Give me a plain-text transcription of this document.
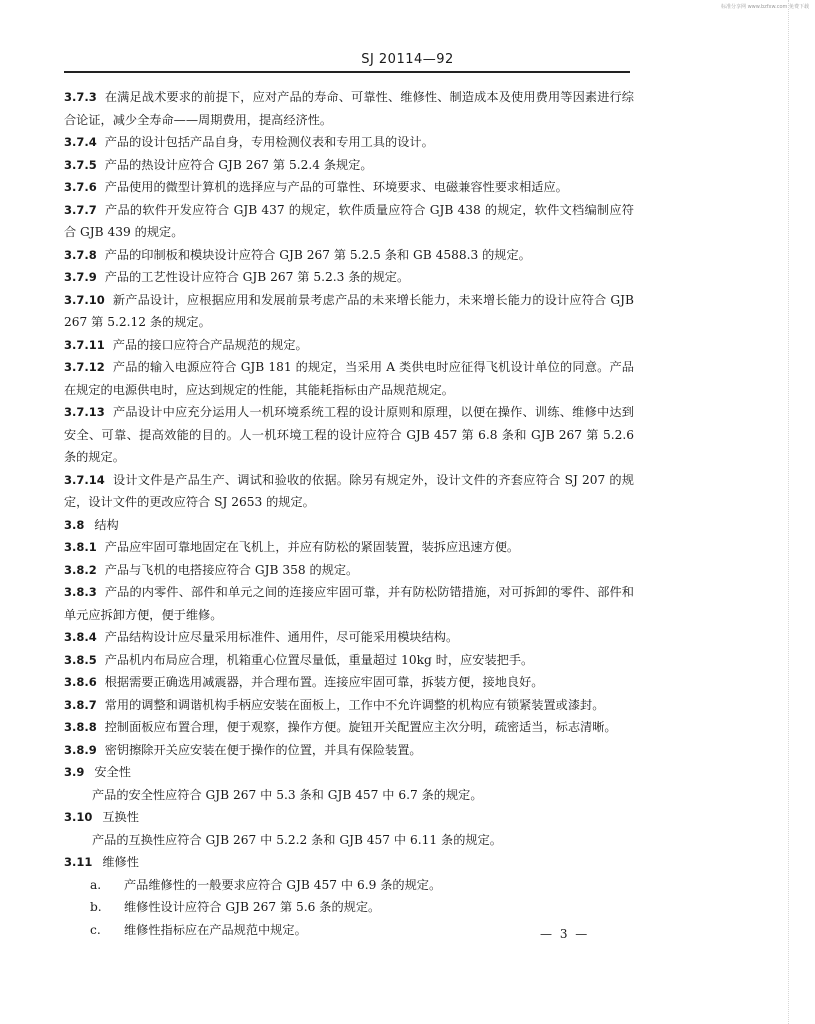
标准分享网 www.bzfxw.com 免费下载
SJ 20114—92

3.7.3 在满足战术要求的前提下，应对产品的寿命、可靠性、维修性、制造成本及使用费用等因素进行综合论证，减少全寿命——周期费用，提高经济性。

3.7.4 产品的设计包括产品自身，专用检测仪表和专用工具的设计。

3.7.5 产品的热设计应符合 GJB 267 第 5.2.4 条规定。

3.7.6 产品使用的微型计算机的选择应与产品的可靠性、环境要求、电磁兼容性要求相适应。

3.7.7 产品的软件开发应符合 GJB 437 的规定，软件质量应符合 GJB 438 的规定，软件文档编制应符合 GJB 439 的规定。

3.7.8 产品的印制板和模块设计应符合 GJB 267 第 5.2.5 条和 GB 4588.3 的规定。

3.7.9 产品的工艺性设计应符合 GJB 267 第 5.2.3 条的规定。

3.7.10 新产品设计，应根据应用和发展前景考虑产品的未来增长能力，未来增长能力的设计应符合 GJB 267 第 5.2.12 条的规定。

3.7.11 产品的接口应符合产品规范的规定。

3.7.12 产品的输入电源应符合 GJB 181 的规定，当采用 A 类供电时应征得飞机设计单位的同意。产品在规定的电源供电时，应达到规定的性能，其能耗指标由产品规范规定。

3.7.13 产品设计中应充分运用人一机环境系统工程的设计原则和原理，以便在操作、训练、维修中达到安全、可靠、提高效能的目的。人一机环境工程的设计应符合 GJB 457 第 6.8 条和 GJB 267 第 5.2.6 条的规定。

3.7.14 设计文件是产品生产、调试和验收的依据。除另有规定外，设计文件的齐套应符合 SJ 207 的规定，设计文件的更改应符合 SJ 2653 的规定。

3.8 结构

3.8.1 产品应牢固可靠地固定在飞机上，并应有防松的紧固装置，装拆应迅速方便。

3.8.2 产品与飞机的电搭接应符合 GJB 358 的规定。

3.8.3 产品的内零件、部件和单元之间的连接应牢固可靠，并有防松防错措施，对可拆卸的零件、部件和单元应拆卸方便，便于维修。

3.8.4 产品结构设计应尽量采用标准件、通用件，尽可能采用模块结构。

3.8.5 产品机内布局应合理，机箱重心位置尽量低，重量超过 10kg 时，应安装把手。

3.8.6 根据需要正确选用减震器，并合理布置。连接应牢固可靠，拆装方便，接地良好。

3.8.7 常用的调整和调谐机构手柄应安装在面板上，工作中不允许调整的机构应有锁紧装置或漆封。

3.8.8 控制面板应布置合理，便于观察，操作方便。旋钮开关配置应主次分明，疏密适当，标志清晰。

3.8.9 密钥擦除开关应安装在便于操作的位置，并具有保险装置。

3.9 安全性

产品的安全性应符合 GJB 267 中 5.3 条和 GJB 457 中 6.7 条的规定。

3.10 互换性

产品的互换性应符合 GJB 267 中 5.2.2 条和 GJB 457 中 6.11 条的规定。

3.11 维修性

a. 产品维修性的一般要求应符合 GJB 457 中 6.9 条的规定。

b. 维修性设计应符合 GJB 267 第 5.6 条的规定。

c. 维修性指标应在产品规范中规定。	— 3 —
